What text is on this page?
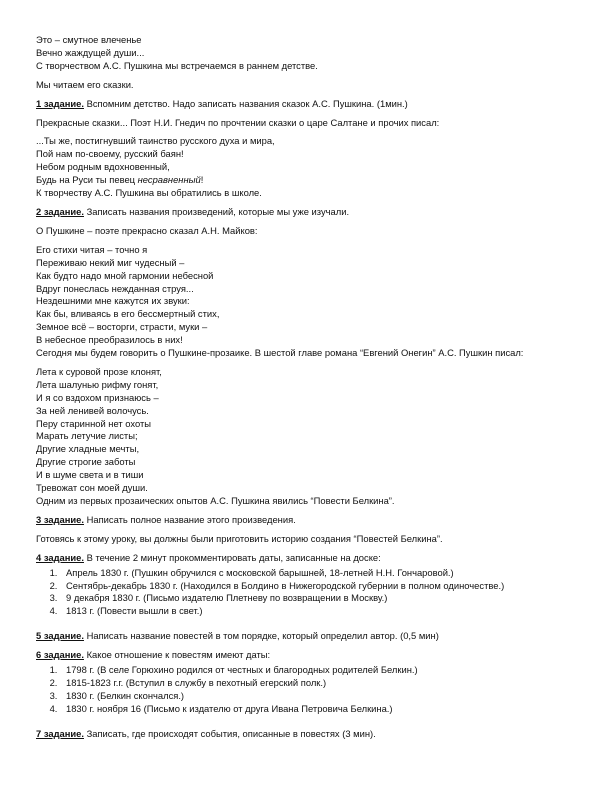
Это – смутное влеченье
Вечно жаждущей души...
С творчеством А.С. Пушкина мы встречаемся в раннем детстве.
Мы читаем его сказки.
1 задание. Вспомним детство. Надо записать названия сказок А.С. Пушкина. (1мин.)
Прекрасные сказки... Поэт Н.И. Гнедич по прочтении сказки о царе Салтане и прочих писал:
...Ты же, постигнувший таинство русского духа и мира,
Пой нам по-своему, русский баян!
Небом родным вдохновенный,
Будь на Руси ты певец несравненный!
К творчеству А.С. Пушкина вы обратились в школе.
2 задание. Записать названия произведений, которые мы уже изучали.
О Пушкине – поэте прекрасно сказал А.Н. Майков:
Его стихи читая – точно я
Переживаю некий миг чудесный –
Как будто надо мной гармонии небесной
Вдруг понеслась нежданная струя...
Нездешними мне кажутся их звуки:
Как бы, вливаясь в его бессмертный стих,
Земное всё – восторги, страсти, муки –
В небесное преобразилось в них!
Сегодня мы будем говорить о Пушкине-прозаике. В шестой главе романа “Евгений Онегин” А.С. Пушкин писал:
Лета к суровой прозе клонят,
Лета шалунью рифму гонят,
И я со вздохом признаюсь –
За ней ленивей волочусь.
Перу старинной нет охоты
Марать летучие листы;
Другие хладные мечты,
Другие строгие заботы
И в шуме света и в тиши
Тревожат сон моей души.
Одним из первых прозаических опытов А.С. Пушкина явились “Повести Белкина”.
3 задание. Написать полное название этого произведения.
Готовясь к этому уроку, вы должны были приготовить историю создания “Повестей Белкина”.
4 задание. В течение 2 минут прокомментировать даты, записанные на доске:
1. Апрель 1830 г. (Пушкин обручился с московской барышней, 18-летней Н.Н. Гончаровой.)
2. Сентябрь-декабрь 1830 г. (Находился в Болдино в Нижегородской губернии в полном одиночестве.)
3. 9 декабря 1830 г. (Письмо издателю Плетневу по возвращении в Москву.)
4. 1813 г. (Повести вышли в свет.)
5 задание. Написать название повестей в том порядке, который определил автор. (0,5 мин)
6 задание. Какое отношение к повестям имеют даты:
1. 1798 г. (В селе Горюхино родился от честных и благородных родителей Белкин.)
2. 1815-1823 г.г. (Вступил в службу в пехотный егерский полк.)
3. 1830 г. (Белкин скончался.)
4. 1830 г. ноября 16 (Письмо к издателю от друга Ивана Петровича Белкина.)
7 задание. Записать, где происходят события, описанные в повестях (3 мин).
